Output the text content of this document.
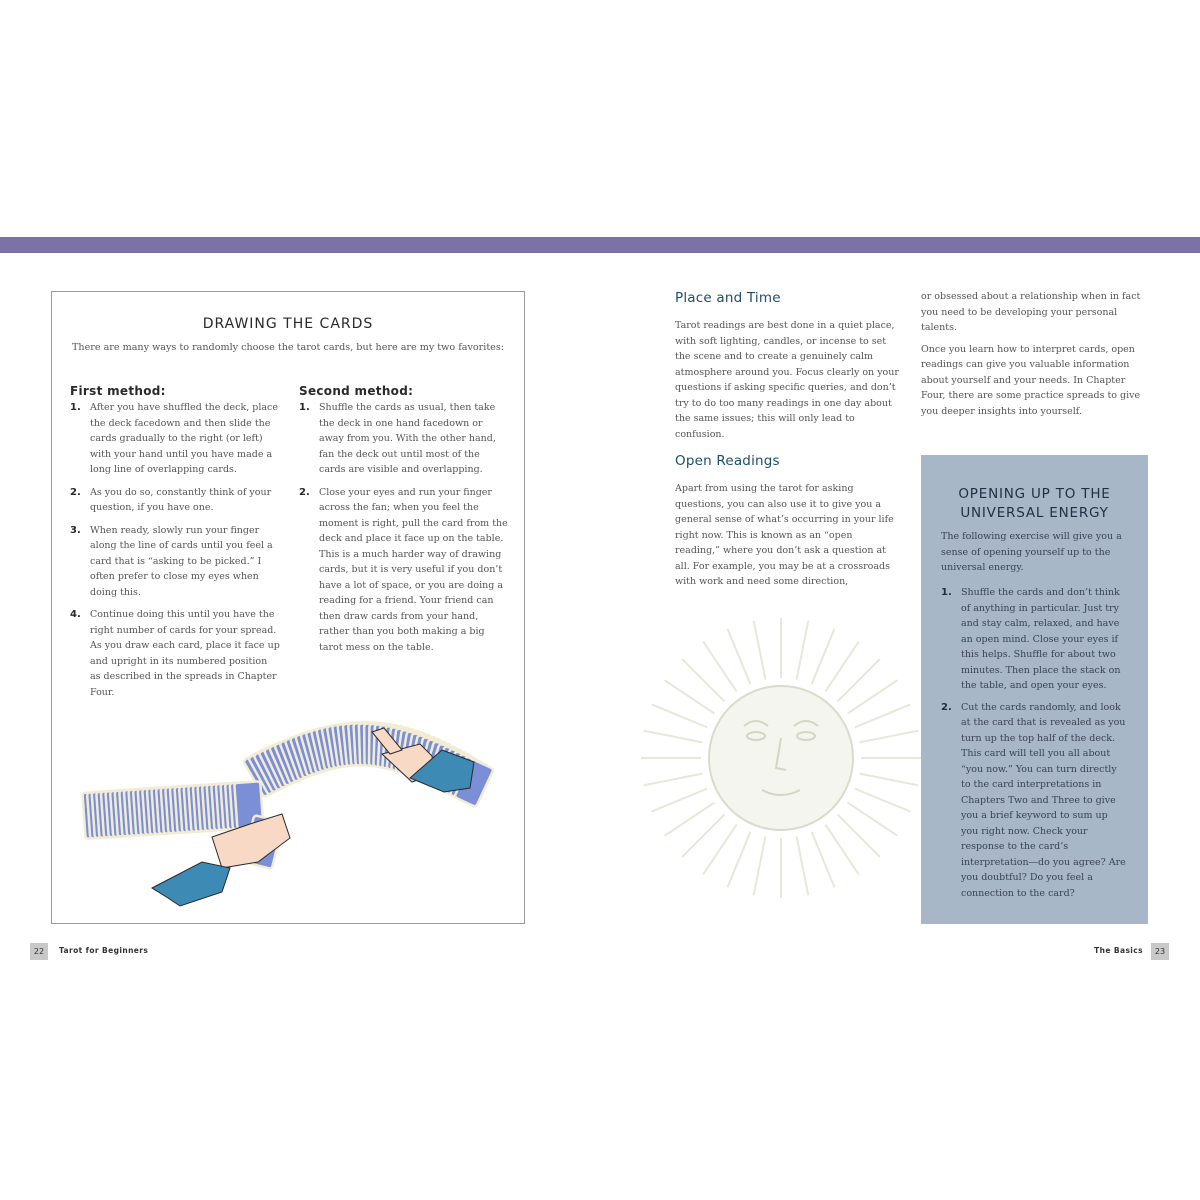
DRAWING THE CARDS
There are many ways to randomly choose the tarot cards, but here are my two favorites:
First method:
1. After you have shuffled the deck, place the deck facedown and then slide the cards gradually to the right (or left) with your hand until you have made a long line of overlapping cards.
2. As you do so, constantly think of your question, if you have one.
3. When ready, slowly run your finger along the line of cards until you feel a card that is “asking to be picked.” I often prefer to close my eyes when doing this.
4. Continue doing this until you have the right number of cards for your spread. As you draw each card, place it face up and upright in its numbered position as described in the spreads in Chapter Four.
Second method:
1. Shuffle the cards as usual, then take the deck in one hand facedown or away from you. With the other hand, fan the deck out until most of the cards are visible and overlapping.
2. Close your eyes and run your finger across the fan; when you feel the moment is right, pull the card from the deck and place it face up on the table. This is a much harder way of drawing cards, but it is very useful if you don’t have a lot of space, or you are doing a reading for a friend. Your friend can then draw cards from your hand, rather than you both making a big tarot mess on the table.
22	Tarot for Beginners
Place and Time

Tarot readings are best done in a quiet place, with soft lighting, candles, or incense to set the scene and to create a genuinely calm atmosphere around you. Focus clearly on your questions if asking specific queries, and don’t try to do too many readings in one day about the same issues; this will only lead to confusion.

Open Readings

Apart from using the tarot for asking questions, you can also use it to give you a general sense of what’s occurring in your life right now. This is known as an “open reading,” where you don’t ask a question at all. For example, you may be at a crossroads with work and need some direction,

or obsessed about a relationship when in fact you need to be developing your personal talents.

Once you learn how to interpret cards, open readings can give you valuable information about yourself and your needs. In Chapter Four, there are some practice spreads to give you deeper insights into yourself.

OPENING UP TO THE
UNIVERSAL ENERGY
The following exercise will give you a sense of opening yourself up to the universal energy.
1. Shuffle the cards and don’t think of anything in particular. Just try and stay calm, relaxed, and have an open mind. Close your eyes if this helps. Shuffle for about two minutes. Then place the stack on the table, and open your eyes.
2. Cut the cards randomly, and look at the card that is revealed as you turn up the top half of the deck. This card will tell you all about “you now.” You can turn directly to the card interpretations in Chapters Two and Three to give you a brief keyword to sum up you right now. Check your response to the card’s interpretation—do you agree? Are you doubtful? Do you feel a connection to the card?
The Basics	23
